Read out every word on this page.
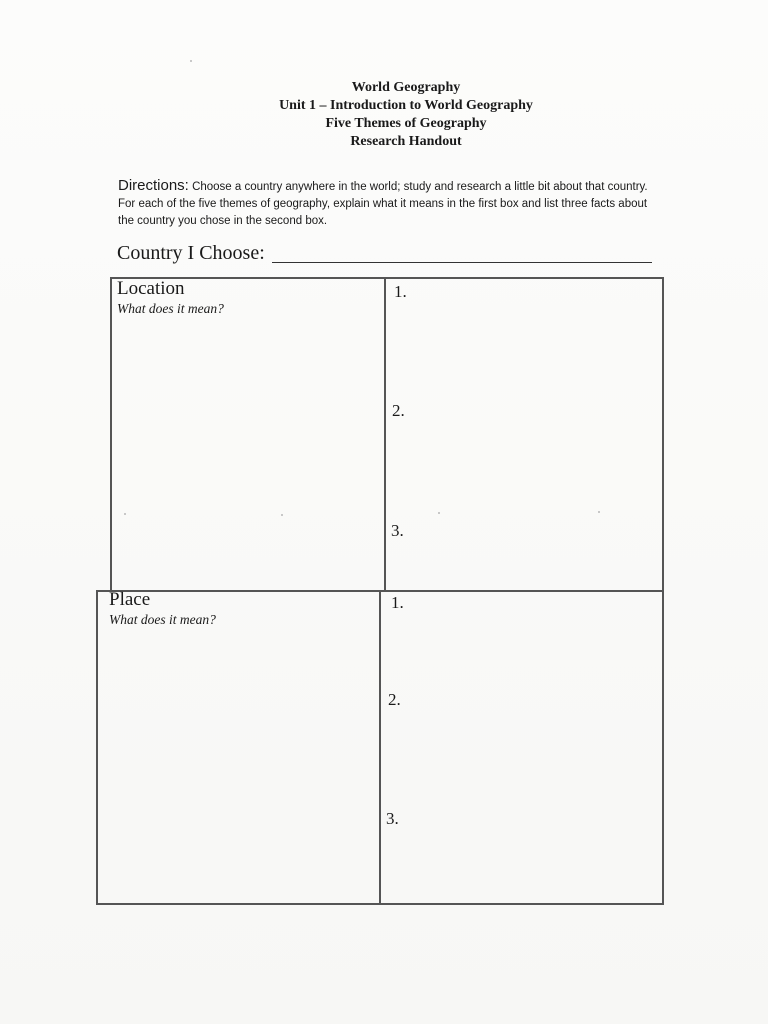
World Geography
Unit 1 – Introduction to World Geography
Five Themes of Geography
Research Handout
Directions: Choose a country anywhere in the world; study and research a little bit about that country. For each of the five themes of geography, explain what it means in the first box and list three facts about the country you chose in the second box.
Country I Choose:
Location
What does it mean?
1.
2.
3.
Place
What does it mean?
1.
2.
3.
